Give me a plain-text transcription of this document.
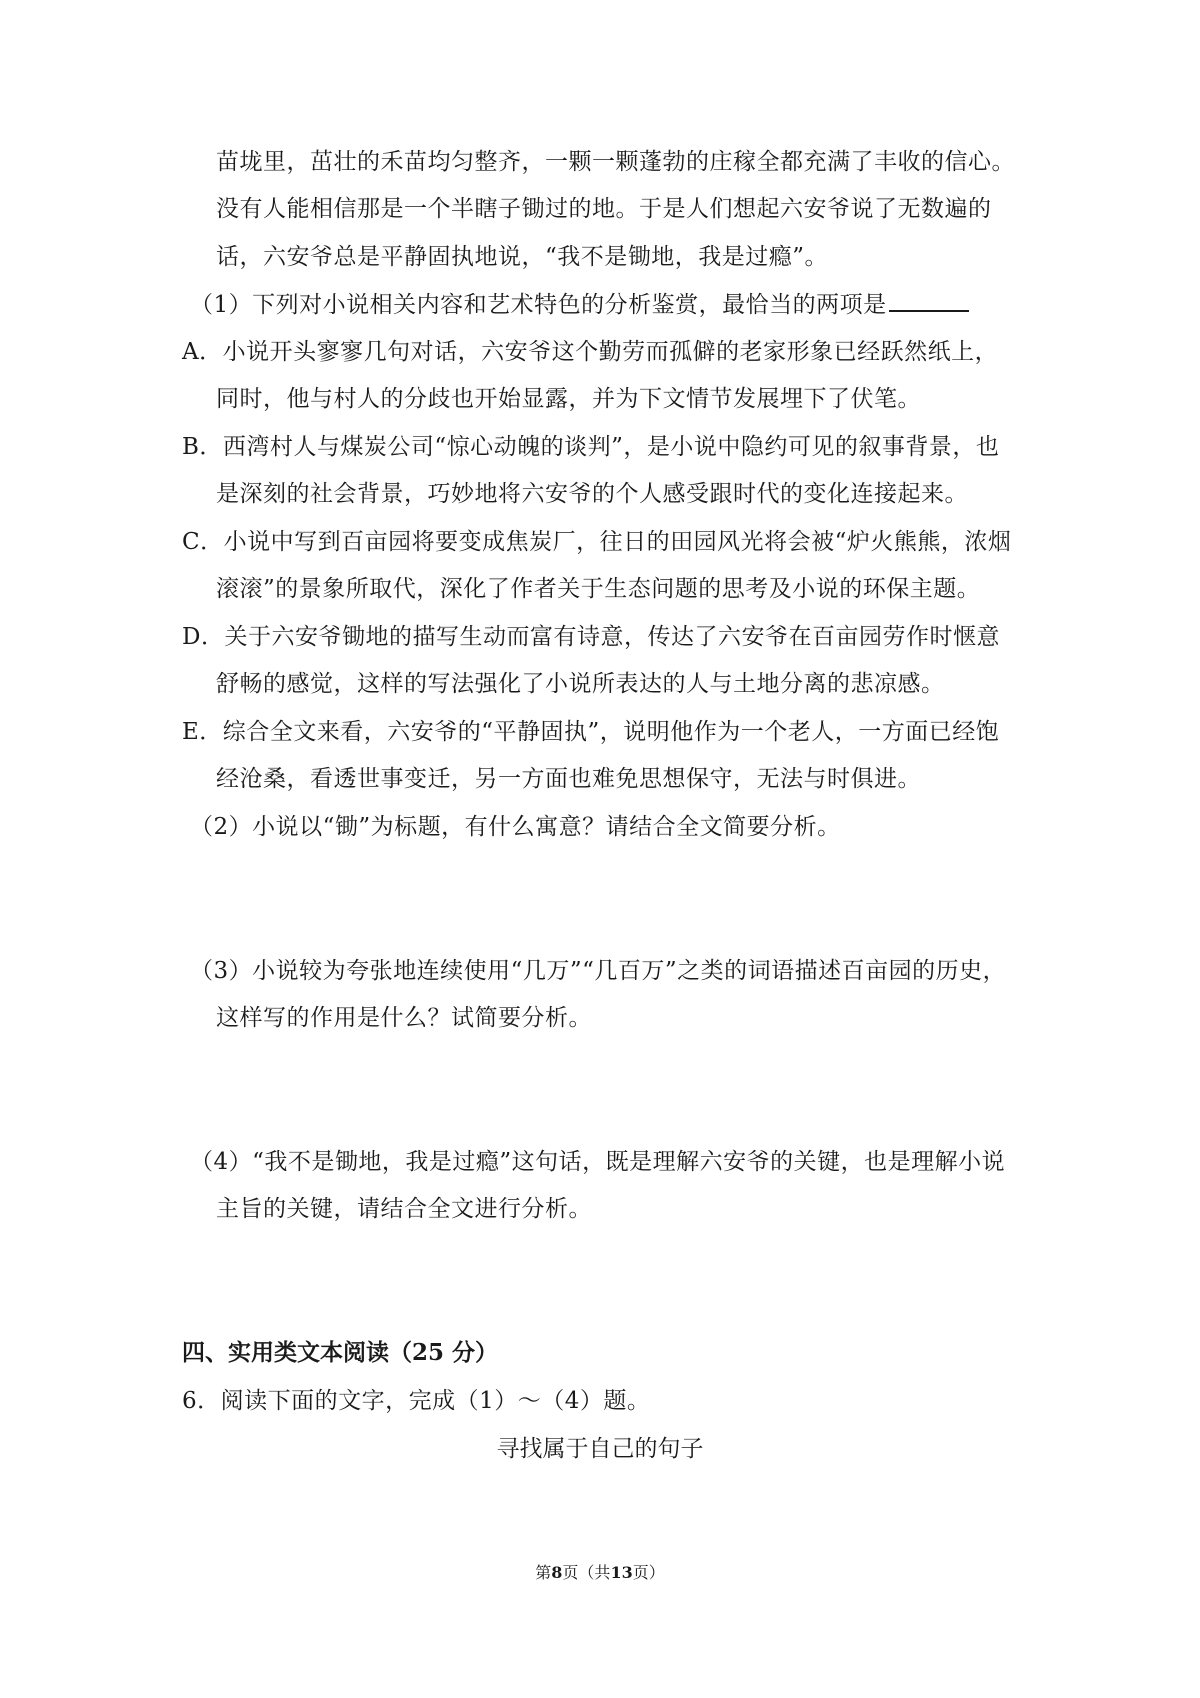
苗垅里，茁壮的禾苗均匀整齐，一颗一颗蓬勃的庄稼全都充满了丰收的信心。
没有人能相信那是一个半瞎子锄过的地。于是人们想起六安爷说了无数遍的
话，六安爷总是平静固执地说，“我不是锄地，我是过瘾”。
（1）下列对小说相关内容和艺术特色的分析鉴赏，最恰当的两项是
A．小说开头寥寥几句对话，六安爷这个勤劳而孤僻的老家形象已经跃然纸上，
同时，他与村人的分歧也开始显露，并为下文情节发展埋下了伏笔。
B．西湾村人与煤炭公司“惊心动魄的谈判”，是小说中隐约可见的叙事背景，也
是深刻的社会背景，巧妙地将六安爷的个人感受跟时代的变化连接起来。
C．小说中写到百亩园将要变成焦炭厂，往日的田园风光将会被“炉火熊熊，浓烟
滚滚”的景象所取代，深化了作者关于生态问题的思考及小说的环保主题。
D．关于六安爷锄地的描写生动而富有诗意，传达了六安爷在百亩园劳作时惬意
舒畅的感觉，这样的写法强化了小说所表达的人与土地分离的悲凉感。
E．综合全文来看，六安爷的“平静固执”，说明他作为一个老人，一方面已经饱
经沧桑，看透世事变迁，另一方面也难免思想保守，无法与时俱进。
（2）小说以“锄”为标题，有什么寓意？请结合全文简要分析。
（3）小说较为夸张地连续使用“几万”“几百万”之类的词语描述百亩园的历史，
这样写的作用是什么？试简要分析。
（4）“我不是锄地，我是过瘾”这句话，既是理解六安爷的关键，也是理解小说
主旨的关键，请结合全文进行分析。
四、实用类文本阅读（25 分）
6．阅读下面的文字，完成（1）～（4）题。
寻找属于自己的句子
第8页（共13页）
